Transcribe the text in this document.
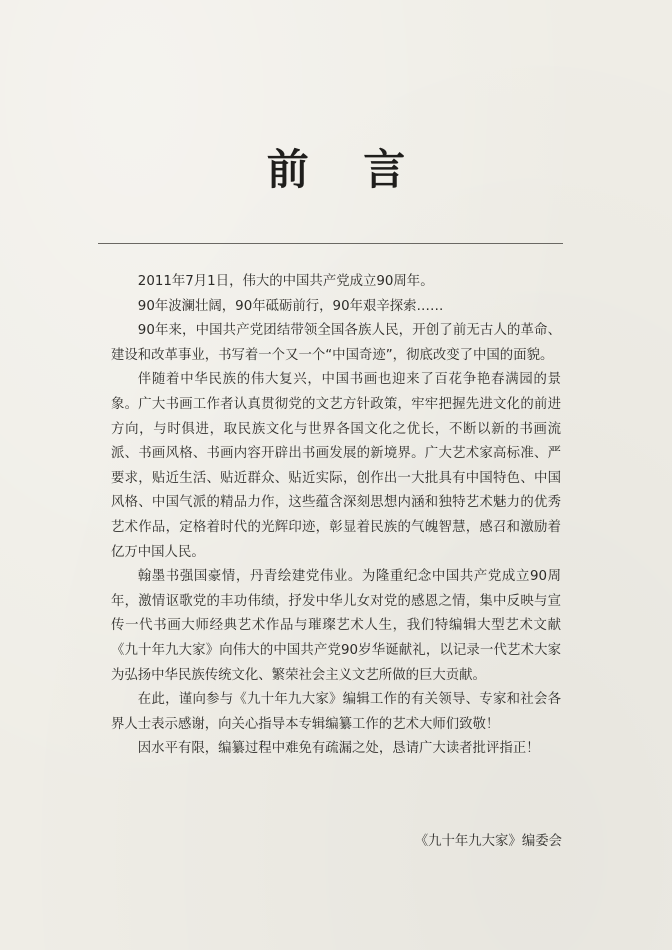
前 言

2011年7月1日，伟大的中国共产党成立90周年。

90年波澜壮阔，90年砥砺前行，90年艰辛探索……

90年来，中国共产党团结带领全国各族人民，开创了前无古人的革命、建设和改革事业，书写着一个又一个“中国奇迹”，彻底改变了中国的面貌。

伴随着中华民族的伟大复兴，中国书画也迎来了百花争艳春满园的景象。广大书画工作者认真贯彻党的文艺方针政策，牢牢把握先进文化的前进方向，与时俱进，取民族文化与世界各国文化之优长，不断以新的书画流派、书画风格、书画内容开辟出书画发展的新境界。广大艺术家高标准、严要求，贴近生活、贴近群众、贴近实际，创作出一大批具有中国特色、中国风格、中国气派的精品力作，这些蕴含深刻思想内涵和独特艺术魅力的优秀艺术作品，定格着时代的光辉印迹，彰显着民族的气魄智慧，感召和激励着亿万中国人民。

翰墨书强国豪情，丹青绘建党伟业。为隆重纪念中国共产党成立90周年，激情讴歌党的丰功伟绩，抒发中华儿女对党的感恩之情，集中反映与宣传一代书画大师经典艺术作品与璀璨艺术人生，我们特编辑大型艺术文献《九十年九大家》向伟大的中国共产党90岁华诞献礼，以记录一代艺术大家为弘扬中华民族传统文化、繁荣社会主义文艺所做的巨大贡献。

在此，谨向参与《九十年九大家》编辑工作的有关领导、专家和社会各界人士表示感谢，向关心指导本专辑编纂工作的艺术大师们致敬！

因水平有限，编纂过程中难免有疏漏之处，恳请广大读者批评指正！

《九十年九大家》编委会
